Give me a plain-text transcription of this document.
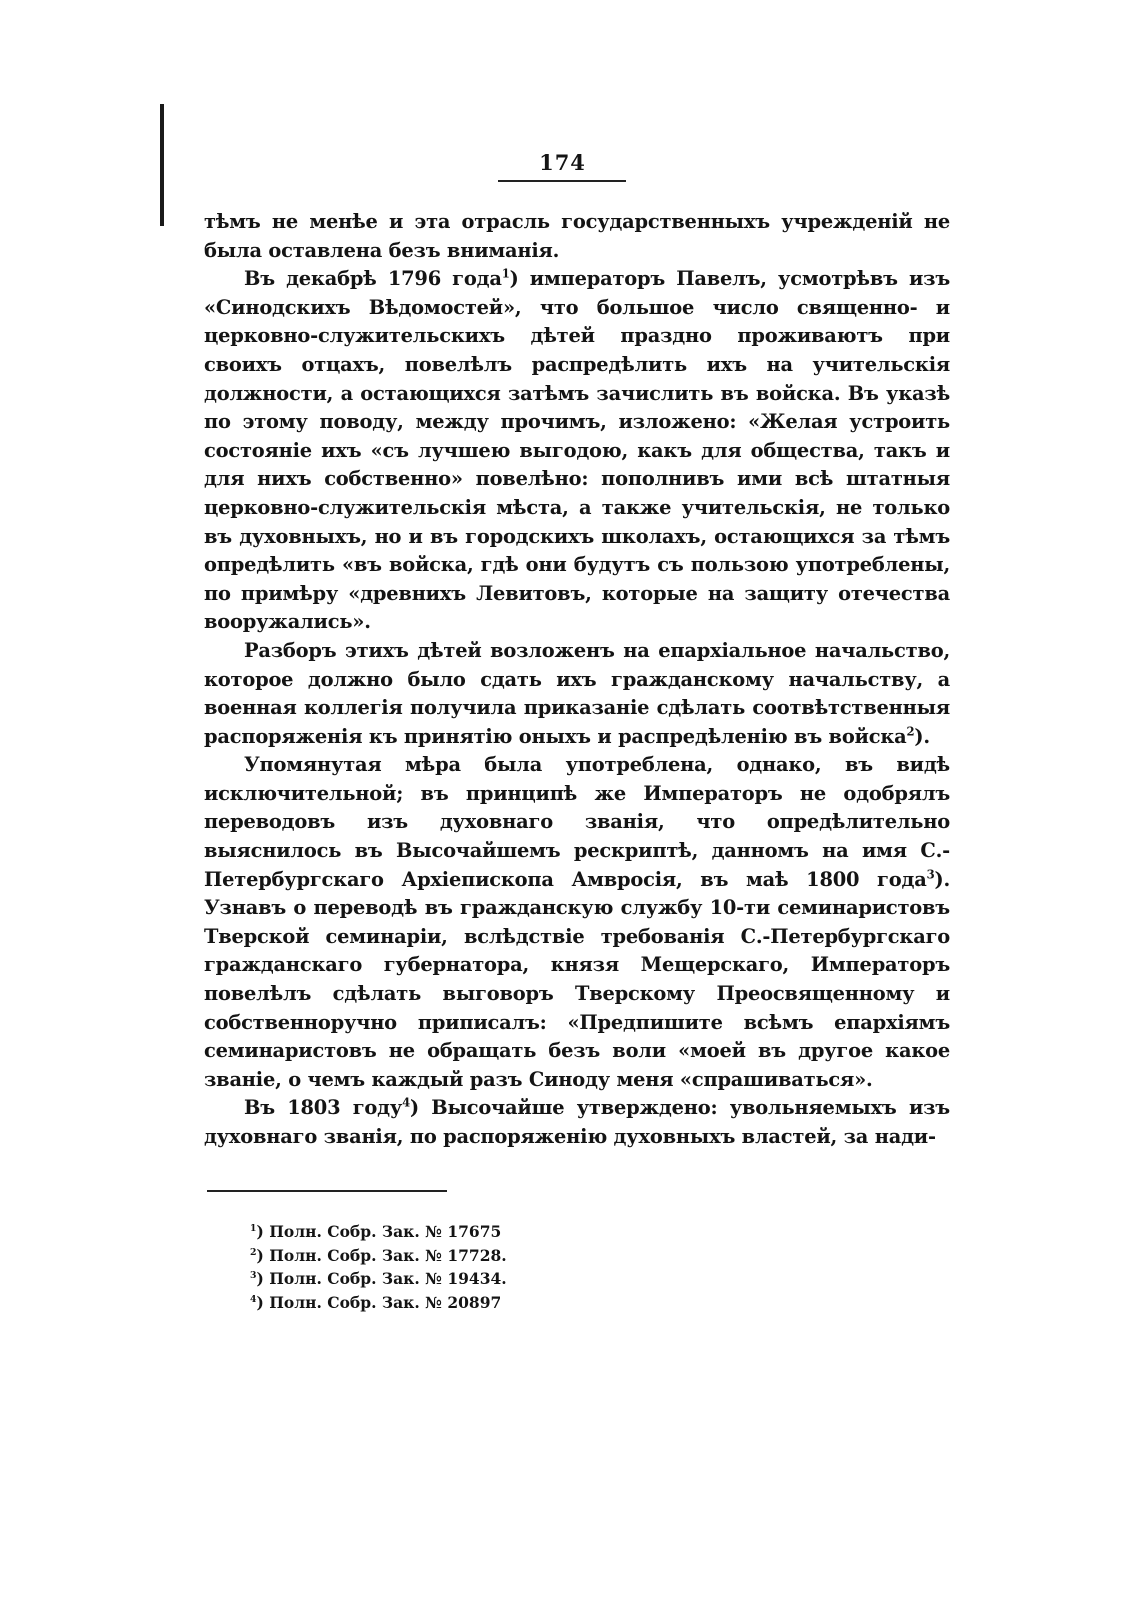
174

тѣмъ не менѣе и эта отрасль государственныхъ учрежденій не была оставлена безъ вниманія.

Въ декабрѣ 1796 года$^1$) императоръ Павелъ, усмотрѣвъ изъ «Синодскихъ Вѣдомостей», что большое число священно- и церковно-служительскихъ дѣтей праздно проживаютъ при своихъ отцахъ, повелѣлъ распредѣлить ихъ на учительскія должности, а остающихся затѣмъ зачислить въ войска. Въ указѣ по этому поводу, между прочимъ, изложено: «Желая устроить состояніе ихъ «съ лучшею выгодою, какъ для общества, такъ и для нихъ собственно» повелѣно: пополнивъ ими всѣ штатныя церковно-служительскія мѣста, а также учительскія, не только въ духовныхъ, но и въ городскихъ школахъ, остающихся за тѣмъ опредѣлить «въ войска, гдѣ они будутъ съ пользою употреблены, по примѣру «древнихъ Левитовъ, которые на защиту отечества вооружались».

Разборъ этихъ дѣтей возложенъ на епархіальное начальство, которое должно было сдать ихъ гражданскому начальству, а военная коллегія получила приказаніе сдѣлать соотвѣтственныя распоряженія къ принятію оныхъ и распредѣленію въ войска$^2$).

Упомянутая мѣра была употреблена, однако, въ видѣ исключительной; въ принципѣ же Императоръ не одобрялъ переводовъ изъ духовнаго званія, что опредѣлительно выяснилось въ Высочайшемъ рескриптѣ, данномъ на имя С.-Петербургскаго Архіепископа Амвросія, въ маѣ 1800 года$^3$). Узнавъ о переводѣ въ гражданскую службу 10-ти семинаристовъ Тверской семинаріи, вслѣдствіе требованія С.-Петербургскаго гражданскаго губернатора, князя Мещерскаго, Императоръ повелѣлъ сдѣлать выговоръ Тверскому Преосвященному и собственноручно приписалъ: «Предпишите всѣмъ епархіямъ семинаристовъ не обращать безъ воли «моей въ другое какое званіе, о чемъ каждый разъ Синоду меня «спрашиваться».

Въ 1803 году$^4$) Высочайше утверждено: увольняемыхъ изъ духовнаго званія, по распоряженію духовныхъ властей, за нади-

$^1$) Полн. Собр. Зак. № 17675
$^2$) Полн. Собр. Зак. № 17728.
$^3$) Полн. Собр. Зак. № 19434.
$^4$) Полн. Собр. Зак. № 20897
